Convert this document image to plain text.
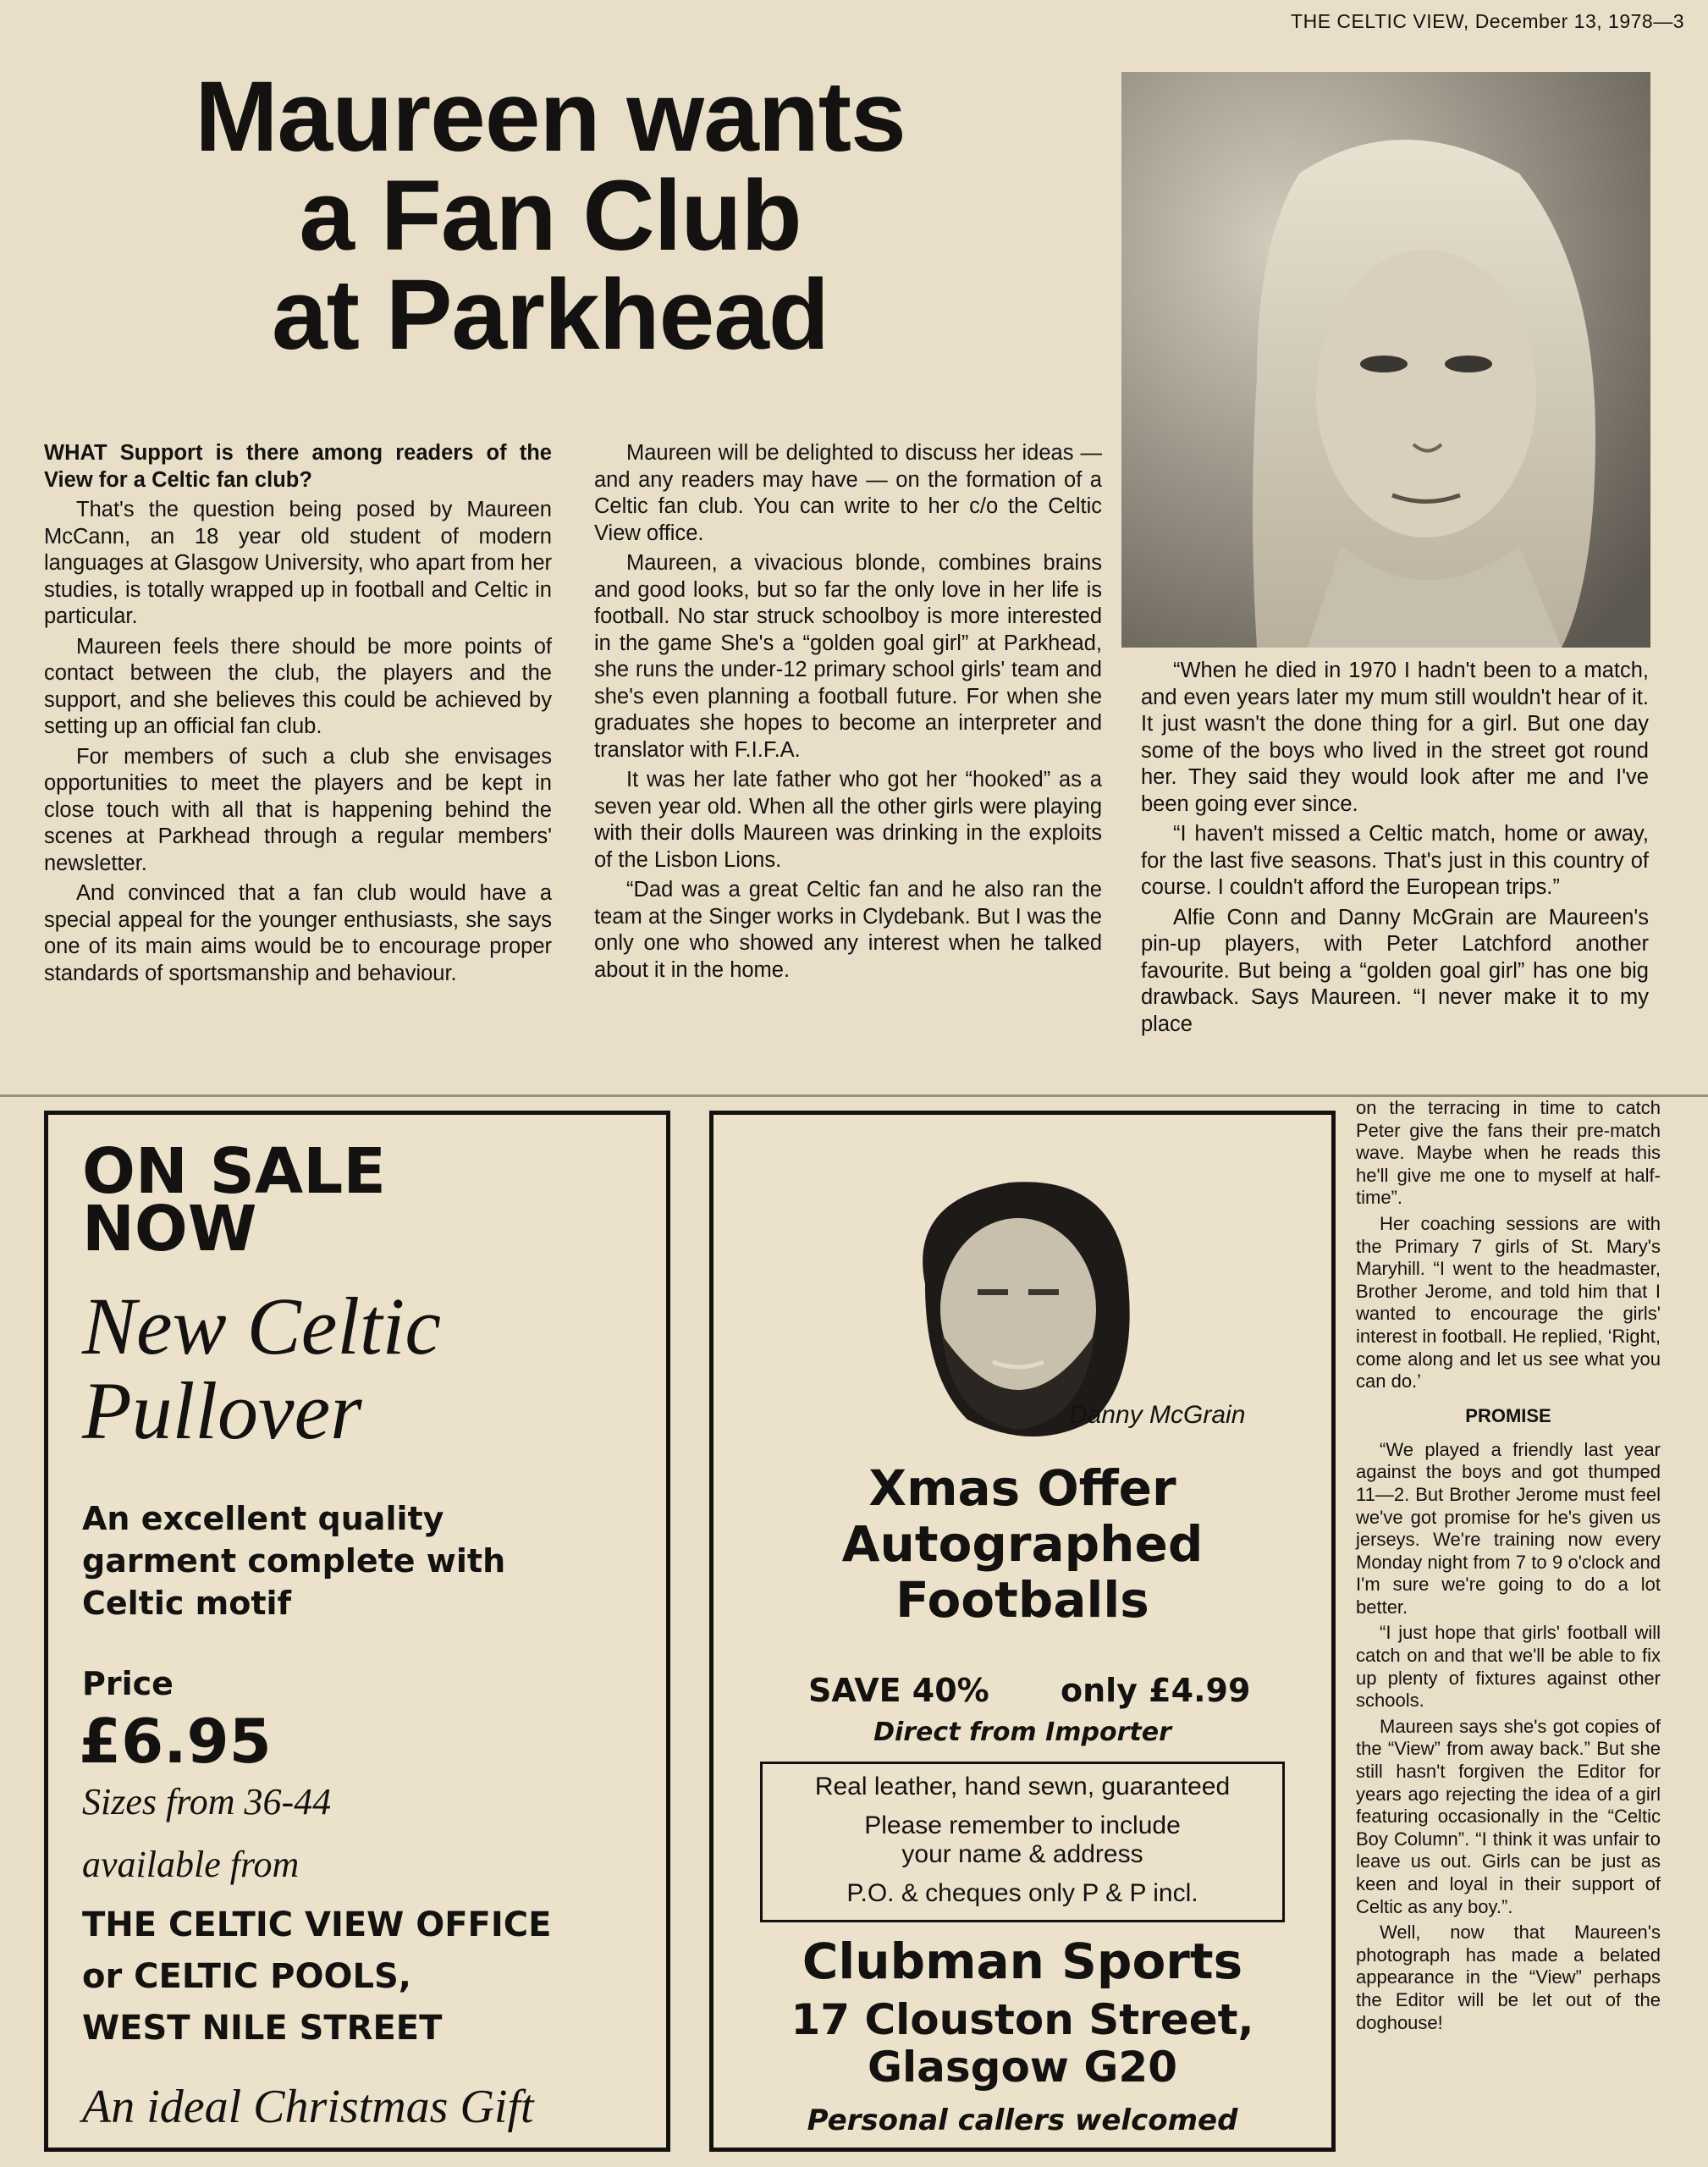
THE CELTIC VIEW, December 13, 1978—3
Maureen wants
a Fan Club
at Parkhead

WHAT Support is there among readers of the View for a Celtic fan club?

That's the question being posed by Maureen McCann, an 18 year old student of modern languages at Glasgow University, who apart from her studies, is totally wrapped up in football and Celtic in particular.

Maureen feels there should be more points of contact between the club, the players and the support, and she believes this could be achieved by setting up an official fan club.

For members of such a club she envisages opportunities to meet the players and be kept in close touch with all that is happening behind the scenes at Parkhead through a regular members' newsletter.

And convinced that a fan club would have a special appeal for the younger enthusiasts, she says one of its main aims would be to encourage proper standards of sportsmanship and behaviour.

Maureen will be delighted to discuss her ideas — and any readers may have — on the formation of a Celtic fan club. You can write to her c/o the Celtic View office.

Maureen, a vivacious blonde, combines brains and good looks, but so far the only love in her life is football. No star struck schoolboy is more interested in the game She's a “golden goal girl” at Parkhead, she runs the under-12 primary school girls' team and she's even planning a football future. For when she graduates she hopes to become an interpreter and translator with F.I.F.A.

It was her late father who got her “hooked” as a seven year old. When all the other girls were playing with their dolls Maureen was drinking in the exploits of the Lisbon Lions.

“Dad was a great Celtic fan and he also ran the team at the Singer works in Clydebank. But I was the only one who showed any interest when he talked about it in the home.

“When he died in 1970 I hadn't been to a match, and even years later my mum still wouldn't hear of it. It just wasn't the done thing for a girl. But one day some of the boys who lived in the street got round her. They said they would look after me and I've been going ever since.

“I haven't missed a Celtic match, home or away, for the last five seasons. That's just in this country of course. I couldn't afford the European trips.”

Alfie Conn and Danny McGrain are Maureen's pin-up players, with Peter Latchford another favourite. But being a “golden goal girl” has one big drawback. Says Maureen. “I never make it to my place

on the terracing in time to catch Peter give the fans their pre-match wave. Maybe when he reads this he'll give me one to myself at half-time”.

Her coaching sessions are with the Primary 7 girls of St. Mary's Maryhill. “I went to the headmaster, Brother Jerome, and told him that I wanted to encourage the girls' interest in football. He replied, ‘Right, come along and let us see what you can do.’

PROMISE

“We played a friendly last year against the boys and got thumped 11—2. But Brother Jerome must feel we've got promise for he's given us jerseys. We're training now every Monday night from 7 to 9 o'clock and I'm sure we're going to do a lot better.

“I just hope that girls' football will catch on and that we'll be able to fix up plenty of fixtures against other schools.

Maureen says she's got copies of the “View” from away back.” But she still hasn't forgiven the Editor for years ago rejecting the idea of a girl featuring occasionally in the “Celtic Boy Column”. “I think it was unfair to leave us out. Girls can be just as keen and loyal in their support of Celtic as any boy.”.

Well, now that Maureen's photograph has made a belated appearance in the “View” perhaps the Editor will be let out of the doghouse!

ON SALE
NOW
New Celtic
Pullover
An excellent quality
garment complete with
Celtic motif
Price
£6.95
Sizes from 36-44
available from
THE CELTIC VIEW OFFICE
or CELTIC POOLS,
WEST NILE STREET
An ideal Christmas Gift
Danny McGrain
Xmas Offer
Autographed
Footballs
SAVE 40% only £4.99
Direct from Importer
Real leather, hand sewn, guaranteed
Please remember to include
your name & address
P.O. & cheques only P & P incl.
Clubman Sports
17 Clouston Street,
Glasgow G20
Personal callers welcomed
